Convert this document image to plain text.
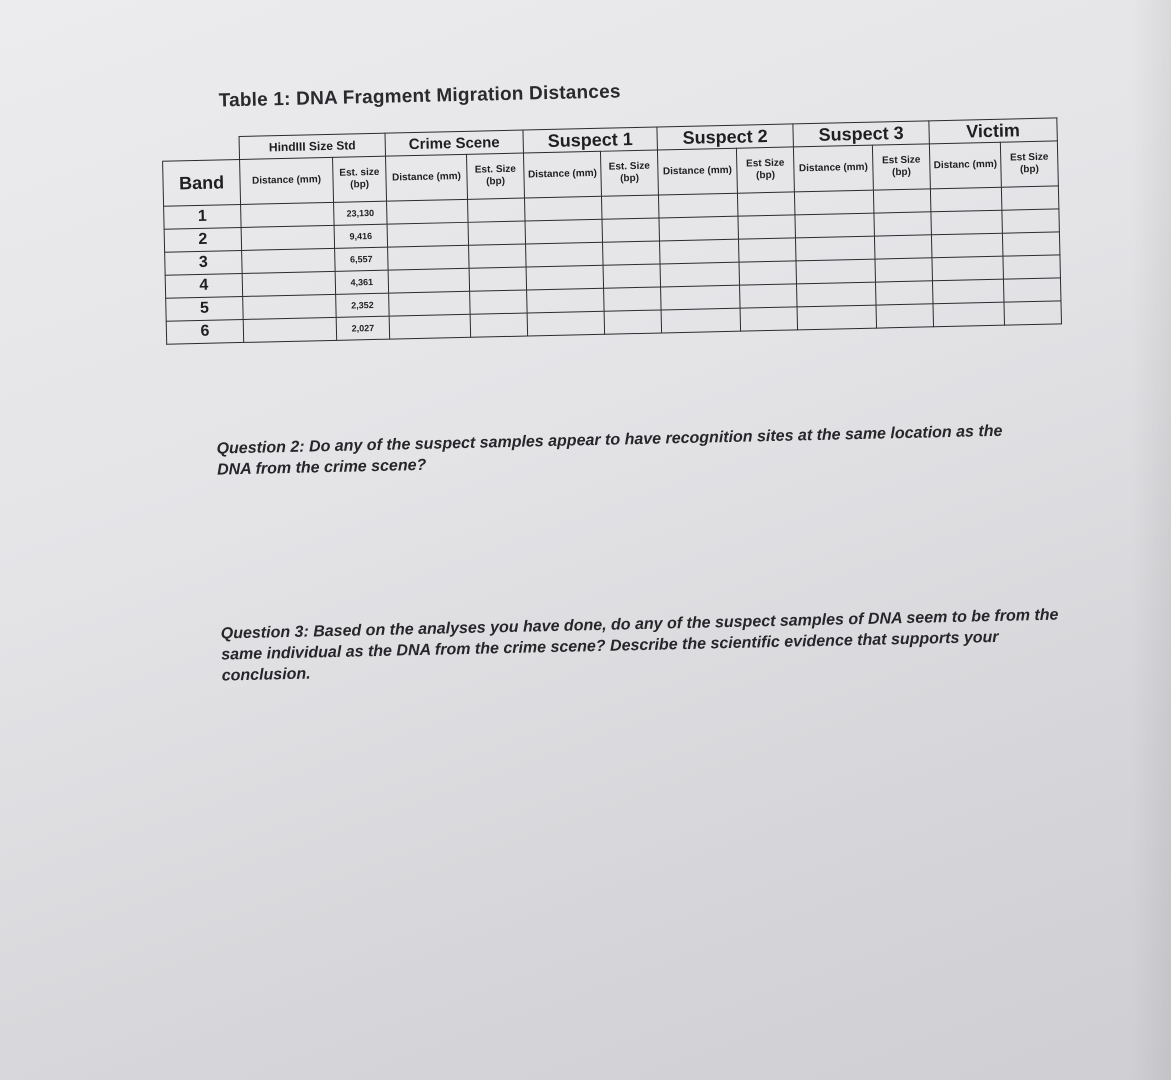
Table 1: DNA Fragment Migration Distances
	HindIII Size Std		Crime Scene		Suspect 1		Suspect 2		Suspect 3		Victim	
Band	Distance (mm)	Est. size (bp)	Distance (mm)	Est. Size (bp)	Distance (mm)	Est. Size (bp)	Distance (mm)	Est Size (bp)	Distance (mm)	Est Size (bp)	Distanc (mm)	Est Size (bp)
1		23,130										
2		9,416										
3		6,557										
4		4,361										
5		2,352										
6		2,027										
Question 2: Do any of the suspect samples appear to have recognition sites at the same location as the DNA from the crime scene?
Question 3: Based on the analyses you have done, do any of the suspect samples of DNA seem to be from the same individual as the DNA from the crime scene? Describe the scientific evidence that supports your conclusion.
